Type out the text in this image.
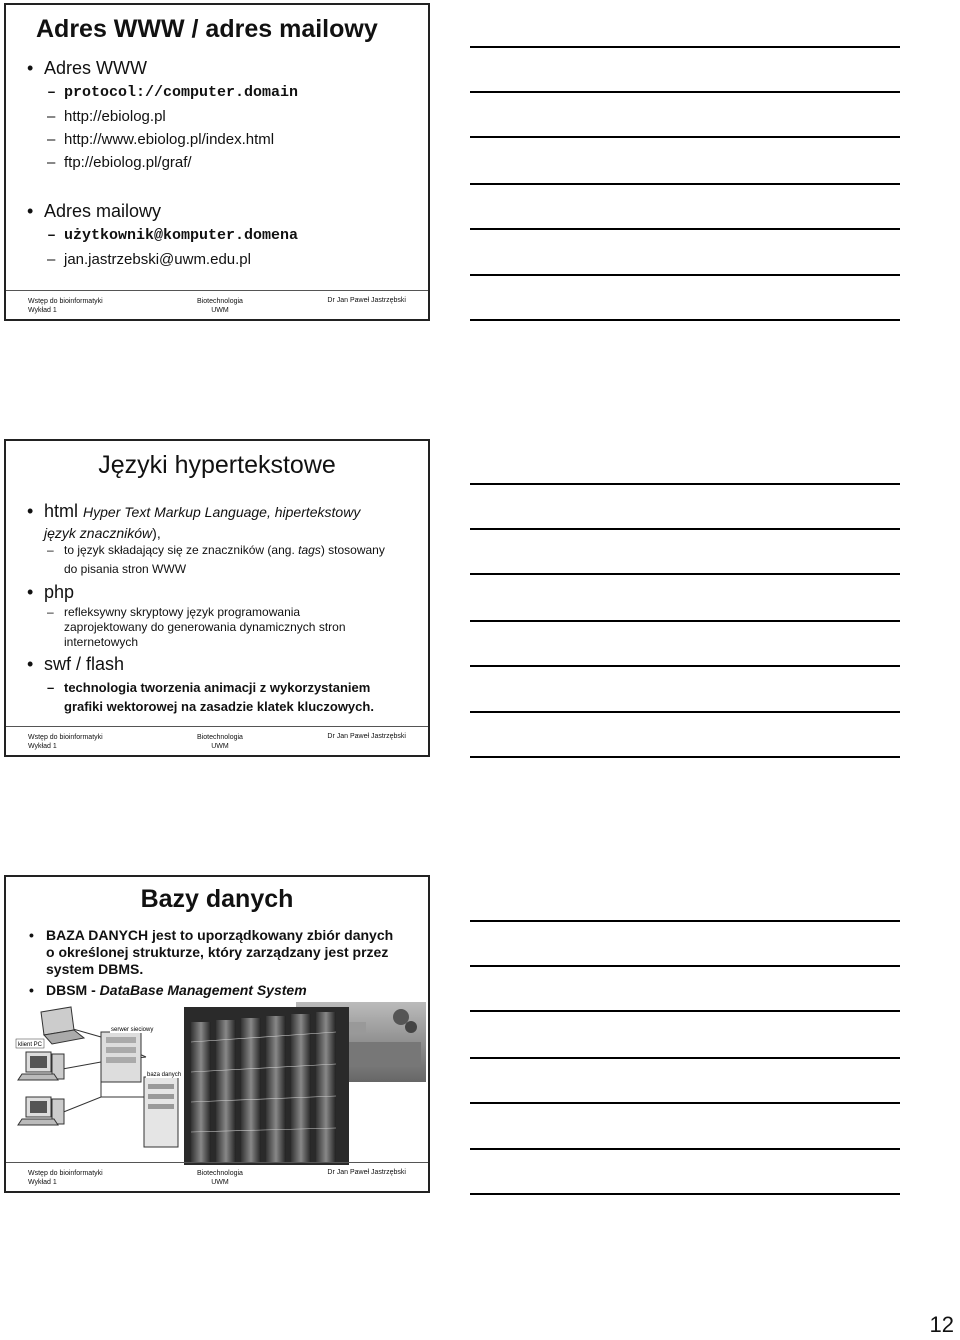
Adres WWW / adres mailowy
• Adres WWW
– protocol://computer.domain
– http://ebiolog.pl
– http://www.ebiolog.pl/index.html
– ftp://ebiolog.pl/graf/
• Adres mailowy
– użytkownik@komputer.domena
– jan.jastrzebski@uwm.edu.pl
Wstęp do bioinformatyki
Wykład 1
Biotechnologia
UWM
Dr Jan Paweł Jastrzębski
Języki hypertekstowe
• html Hyper Text Markup Language, hipertekstowy
język znaczników),
– to język składający się ze znaczników (ang. tags) stosowany
do pisania stron WWW
• php
– refleksywny skryptowy język programowania
zaprojektowany do generowania dynamicznych stron
internetowych
• swf / flash
– technologia tworzenia animacji z wykorzystaniem
grafiki wektorowej na zasadzie klatek kluczowych.
Wstęp do bioinformatyki
Wykład 1
Biotechnologia
UWM
Dr Jan Paweł Jastrzębski
Bazy danych
• BAZA DANYCH jest to uporządkowany zbiór danych
o określonej strukturze, który zarządzany jest przez
system DBMS.
• DBSM - DataBase Management System
serwer sieciowy
klient PC
baza danych
Wstęp do bioinformatyki
Wykład 1
Biotechnologia
UWM
Dr Jan Paweł Jastrzębski
12
